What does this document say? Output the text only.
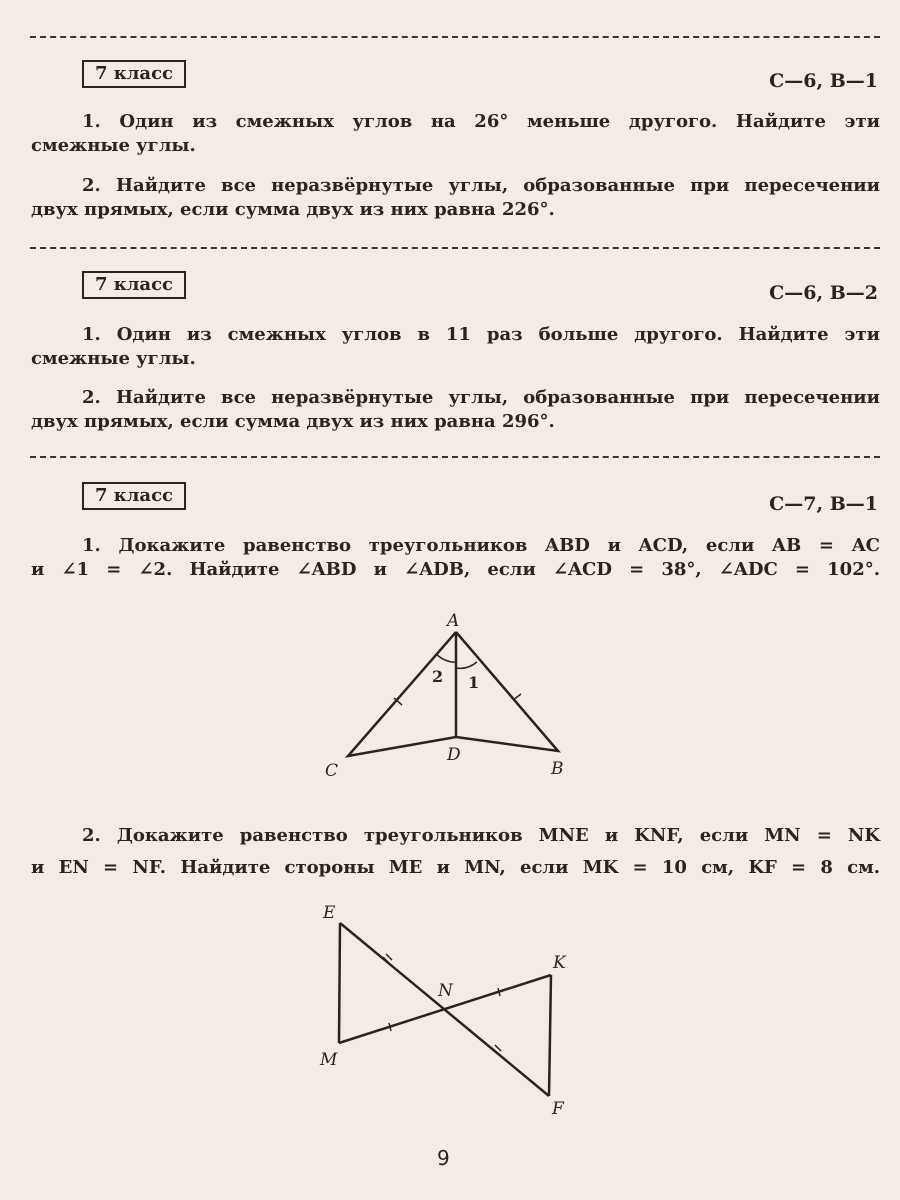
7 класс	С—6, В—1
1. Один из смежных углов на 26° меньше другого. Найдите эти
смежные углы.
2. Найдите все неразвёрнутые углы, образованные при пересечении
двух прямых, если сумма двух из них равна 226°.
7 класс	С—6, В—2
1. Один из смежных углов в 11 раз больше другого. Найдите эти
смежные углы.
2. Найдите все неразвёрнутые углы, образованные при пересечении
двух прямых, если сумма двух из них равна 296°.
7 класс	С—7, В—1
1. Докажите равенство треугольников ABD и ACD, если AB = AC
и ∠1 = ∠2. Найдите ∠ABD и ∠ADB, если ∠ACD = 38°, ∠ADC = 102°.
2. Докажите равенство треугольников MNE и KNF, если MN = NK
и EN = NF. Найдите стороны ME и MN, если MK = 10 см, KF = 8 см.
A
B
C
D
2 1
E
M
N
K
F
9
